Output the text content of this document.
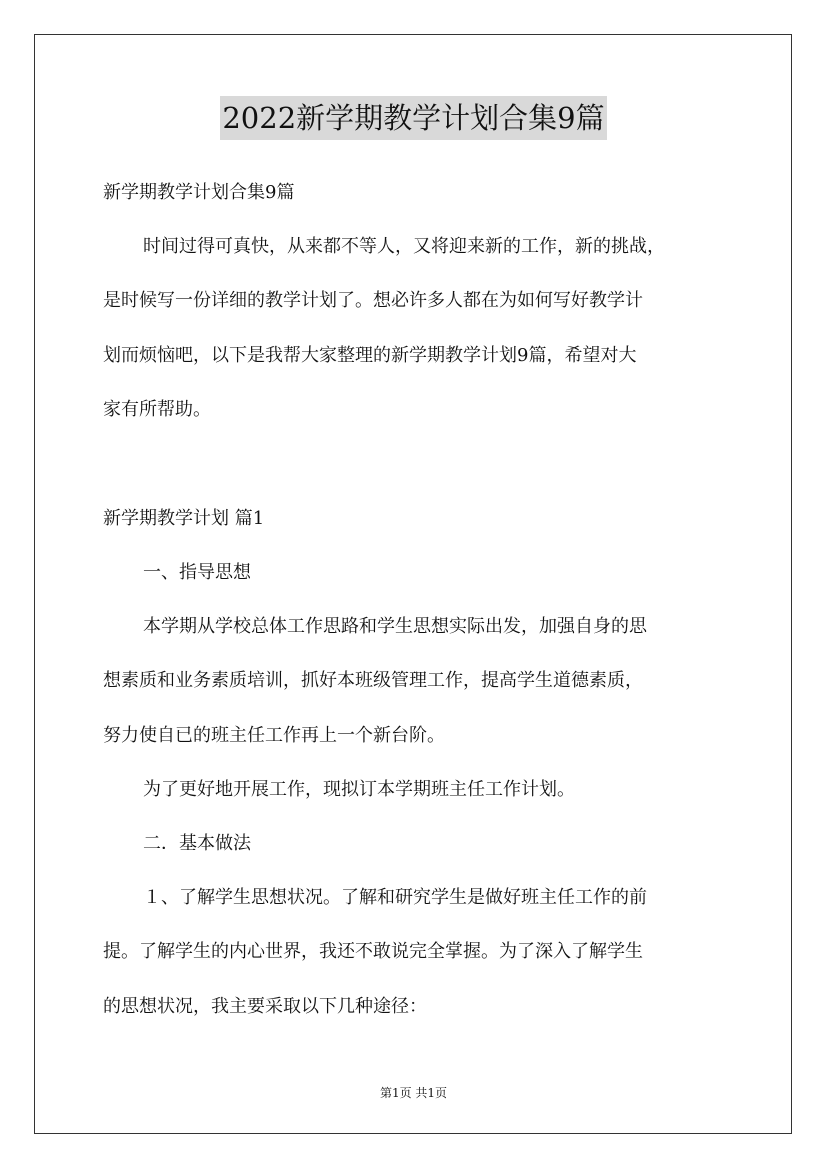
2022新学期教学计划合集9篇
新学期教学计划合集9篇
时间过得可真快，从来都不等人，又将迎来新的工作，新的挑战，
是时候写一份详细的教学计划了。想必许多人都在为如何写好教学计
划而烦恼吧，以下是我帮大家整理的新学期教学计划9篇，希望对大
家有所帮助。
新学期教学计划 篇1
一、指导思想
本学期从学校总体工作思路和学生思想实际出发，加强自身的思
想素质和业务素质培训，抓好本班级管理工作，提高学生道德素质，
努力使自已的班主任工作再上一个新台阶。
为了更好地开展工作，现拟订本学期班主任工作计划。
二．基本做法
１、了解学生思想状况。了解和研究学生是做好班主任工作的前
提。了解学生的内心世界，我还不敢说完全掌握。为了深入了解学生
的思想状况，我主要采取以下几种途径：
第1页 共1页
